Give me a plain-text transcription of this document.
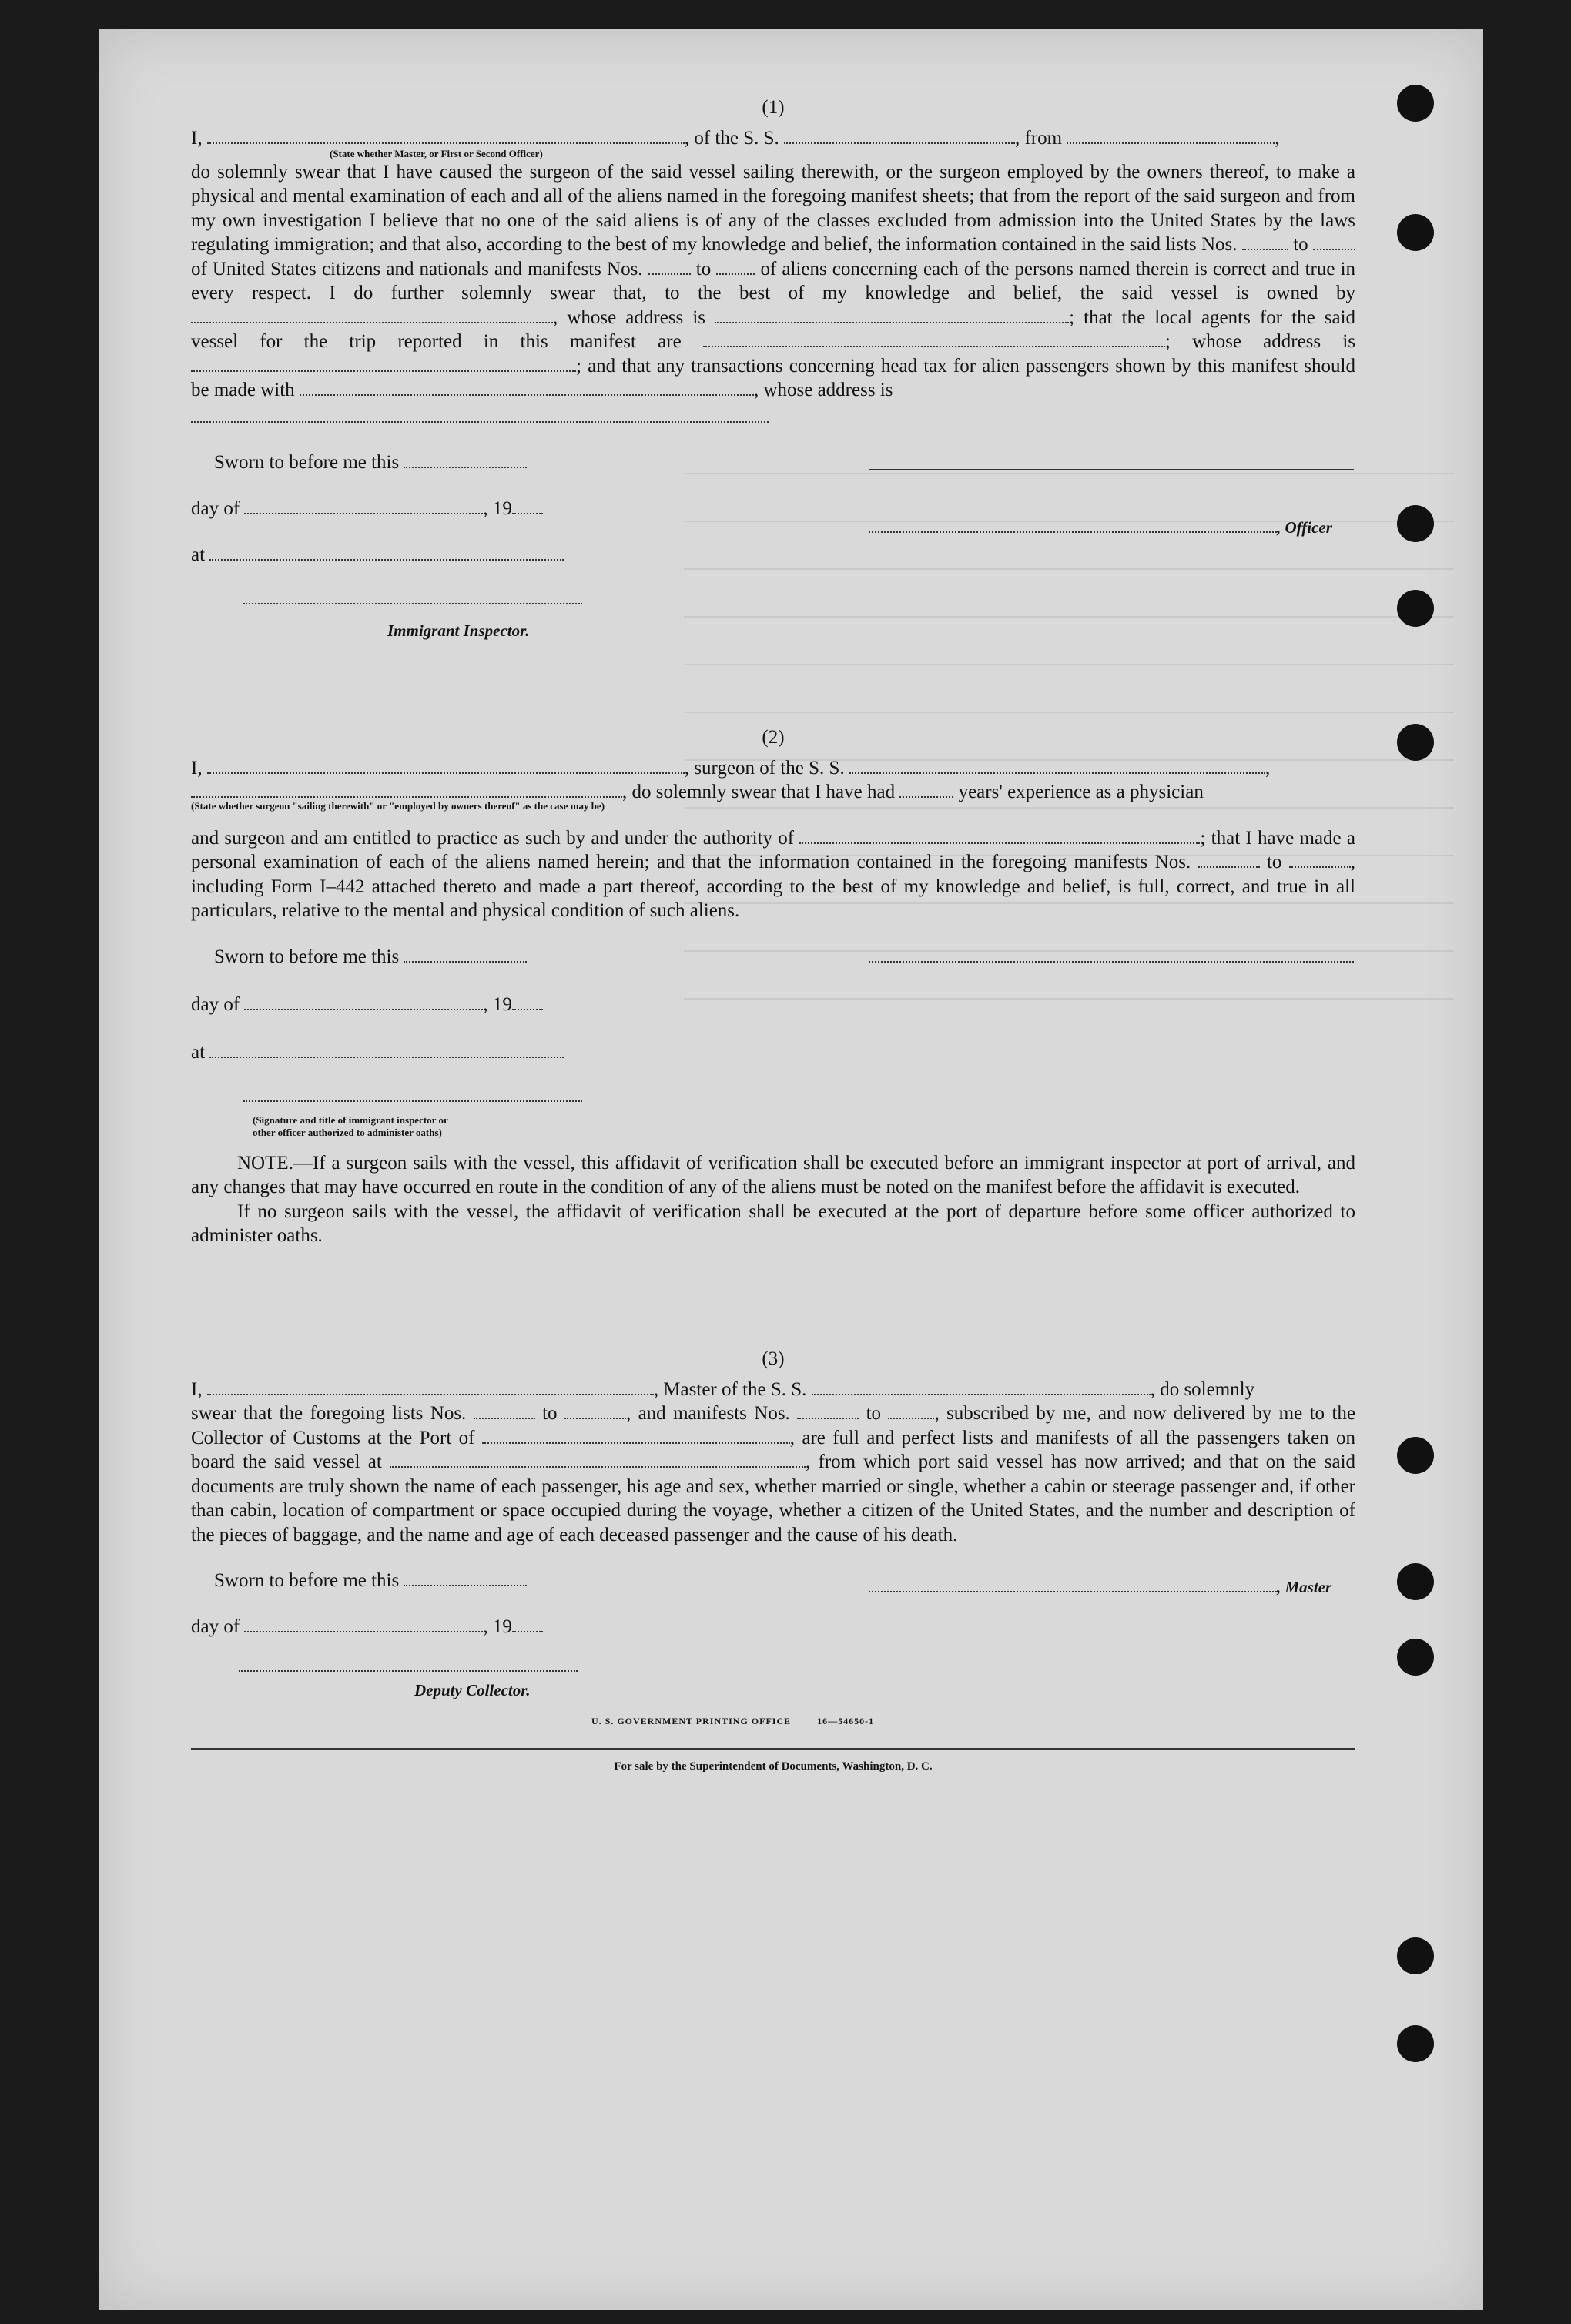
(1)
I,	, of the S. S.	, from	,
(State whether Master, or First or Second Officer)
do solemnly swear that I have caused the surgeon of the said vessel sailing therewith, or the surgeon employed by the owners thereof, to make a physical and mental examination of each and all of the aliens named in the foregoing manifest sheets; that from the report of the said surgeon and from my own investigation I believe that no one of the said aliens is of any of the classes excluded from admission into the United States by the laws regulating immigration; and that also, according to the best of my knowledge and belief, the information contained in the said lists Nos.	to  of United States citizens and nationals and manifests Nos.	to	of aliens concerning each of the persons named therein is correct and true in every respect. I do further solemnly swear that, to the best of my knowledge and belief, the said vessel is owned by , whose address is	; that the local agents for the said vessel for the trip reported in this manifest are	; whose address is ; and that any transactions concerning head tax for alien passengers shown by this manifest should be made with	, whose address is
Sworn to before me this
day of	, 19
at
, Officer
Immigrant Inspector.
(2)
I,	, surgeon of the S. S.	,
, do solemnly swear that I have had	years' experience as a physician
(State whether surgeon "sailing therewith" or "employed by owners thereof" as the case may be)
and surgeon and am entitled to practice as such by and under the authority of	; that I have made a personal examination of each of the aliens named herein; and that the information contained in the foregoing manifests Nos.	to	, including Form I–442 attached thereto and made a part thereof, according to the best of my knowledge and belief, is full, correct, and true in all particulars, relative to the mental and physical condition of such aliens.
Sworn to before me this
day of	, 19
at
(Signature and title of immigrant inspector or
other officer authorized to administer oaths)
NOTE.—If a surgeon sails with the vessel, this affidavit of verification shall be executed before an immigrant inspector at port of arrival, and any changes that may have occurred en route in the condition of any of the aliens must be noted on the manifest before the affidavit is executed.
If no surgeon sails with the vessel, the affidavit of verification shall be executed at the port of departure before some officer authorized to administer oaths.
(3)
I,	, Master of the S. S.	, do solemnly
swear that the foregoing lists Nos.	to	, and manifests Nos.	to	, subscribed by me, and now delivered by me to the Collector of Customs at the Port of	, are full and perfect lists and manifests of all the passengers taken on board the said vessel at	, from which port said vessel has now arrived; and that on the said documents are truly shown the name of each passenger, his age and sex, whether married or single, whether a cabin or steerage passenger and, if other than cabin, location of compartment or space occupied during the voyage, whether a citizen of the United States, and the number and description of the pieces of baggage, and the name and age of each deceased passenger and the cause of his death.
Sworn to before me this
day of	, 19
, Master
Deputy Collector.
U. S. GOVERNMENT PRINTING OFFICE	16—54650-1
For sale by the Superintendent of Documents, Washington, D. C.
